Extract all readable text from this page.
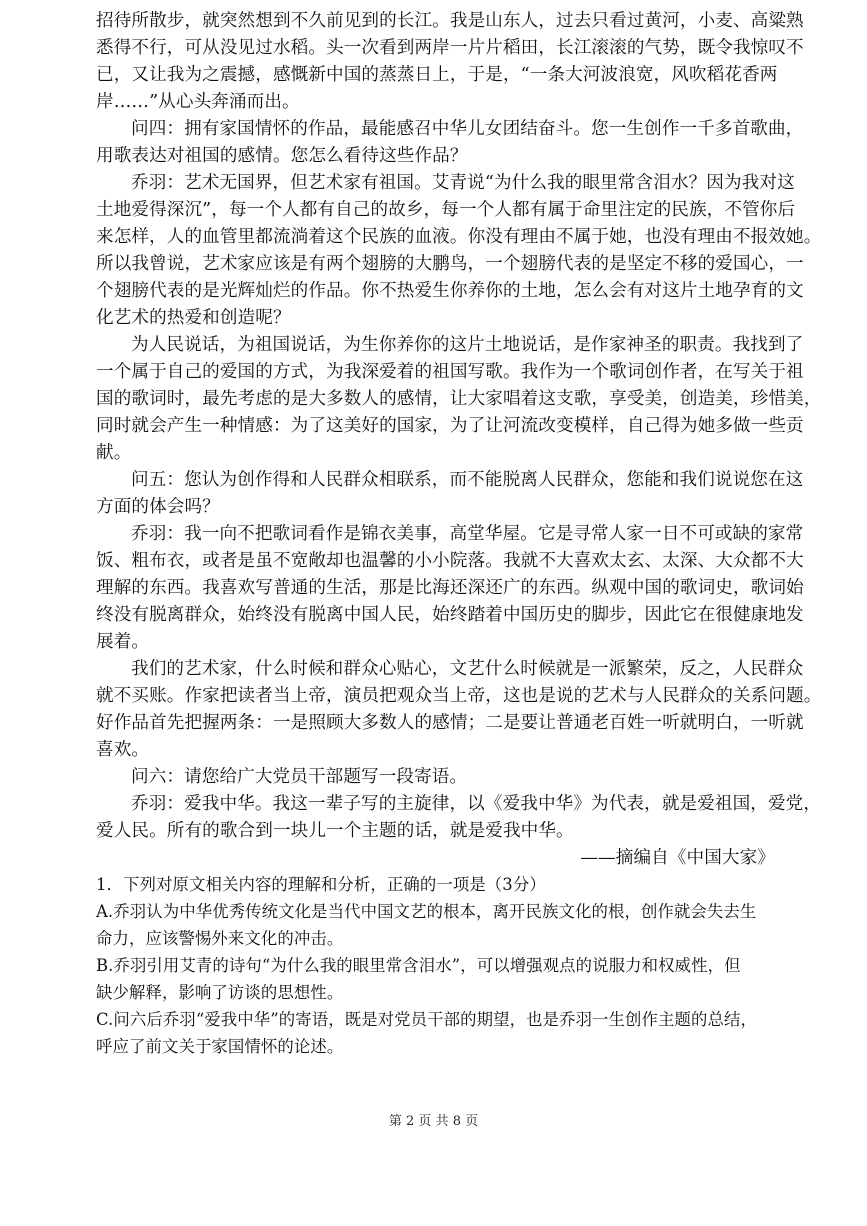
招待所散步，就突然想到不久前见到的长江。我是山东人，过去只看过黄河，小麦、高粱熟
悉得不行，可从没见过水稻。头一次看到两岸一片片稻田，长江滚滚的气势，既令我惊叹不
已，又让我为之震撼，感慨新中国的蒸蒸日上，于是，“一条大河波浪宽，风吹稻花香两
岸……”从心头奔涌而出。
问四：拥有家国情怀的作品，最能感召中华儿女团结奋斗。您一生创作一千多首歌曲，
用歌表达对祖国的感情。您怎么看待这些作品？
乔羽：艺术无国界，但艺术家有祖国。艾青说“为什么我的眼里常含泪水？因为我对这
土地爱得深沉”，每一个人都有自己的故乡，每一个人都有属于命里注定的民族，不管你后
来怎样，人的血管里都流淌着这个民族的血液。你没有理由不属于她，也没有理由不报效她。
所以我曾说，艺术家应该是有两个翅膀的大鹏鸟，一个翅膀代表的是坚定不移的爱国心，一
个翅膀代表的是光辉灿烂的作品。你不热爱生你养你的土地，怎么会有对这片土地孕育的文
化艺术的热爱和创造呢？
为人民说话，为祖国说话，为生你养你的这片土地说话，是作家神圣的职责。我找到了
一个属于自己的爱国的方式，为我深爱着的祖国写歌。我作为一个歌词创作者，在写关于祖
国的歌词时，最先考虑的是大多数人的感情，让大家唱着这支歌，享受美，创造美，珍惜美，
同时就会产生一种情感：为了这美好的国家，为了让河流改变模样，自己得为她多做一些贡
献。
问五：您认为创作得和人民群众相联系，而不能脱离人民群众，您能和我们说说您在这
方面的体会吗？
乔羽：我一向不把歌词看作是锦衣美事，高堂华屋。它是寻常人家一日不可或缺的家常
饭、粗布衣，或者是虽不宽敞却也温馨的小小院落。我就不大喜欢太玄、太深、大众都不大
理解的东西。我喜欢写普通的生活，那是比海还深还广的东西。纵观中国的歌词史，歌词始
终没有脱离群众，始终没有脱离中国人民，始终踏着中国历史的脚步，因此它在很健康地发
展着。
我们的艺术家，什么时候和群众心贴心，文艺什么时候就是一派繁荣，反之，人民群众
就不买账。作家把读者当上帝，演员把观众当上帝，这也是说的艺术与人民群众的关系问题。
好作品首先把握两条：一是照顾大多数人的感情；二是要让普通老百姓一听就明白，一听就
喜欢。
问六：请您给广大党员干部题写一段寄语。
乔羽：爱我中华。我这一辈子写的主旋律，以《爱我中华》为代表，就是爱祖国，爱党，
爱人民。所有的歌合到一块儿一个主题的话，就是爱我中华。
——摘编自《中国大家》
1．下列对原文相关内容的理解和分析，正确的一项是（3分）
A.乔羽认为中华优秀传统文化是当代中国文艺的根本，离开民族文化的根，创作就会失去生
命力，应该警惕外来文化的冲击。
B.乔羽引用艾青的诗句“为什么我的眼里常含泪水”，可以增强观点的说服力和权威性，但
缺少解释，影响了访谈的思想性。
C.问六后乔羽“爱我中华”的寄语，既是对党员干部的期望，也是乔羽一生创作主题的总结，
呼应了前文关于家国情怀的论述。
第 2 页 共 8 页
